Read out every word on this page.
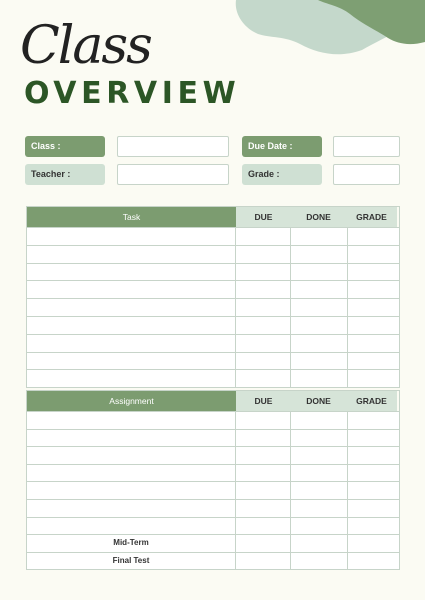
Class
OVERVIEW
Class :	Due Date :
Teacher :	Grade :
Task	DUE	DONE	GRADE
Assignment	DUE	DONE	GRADE
Mid-Term
Final Test
